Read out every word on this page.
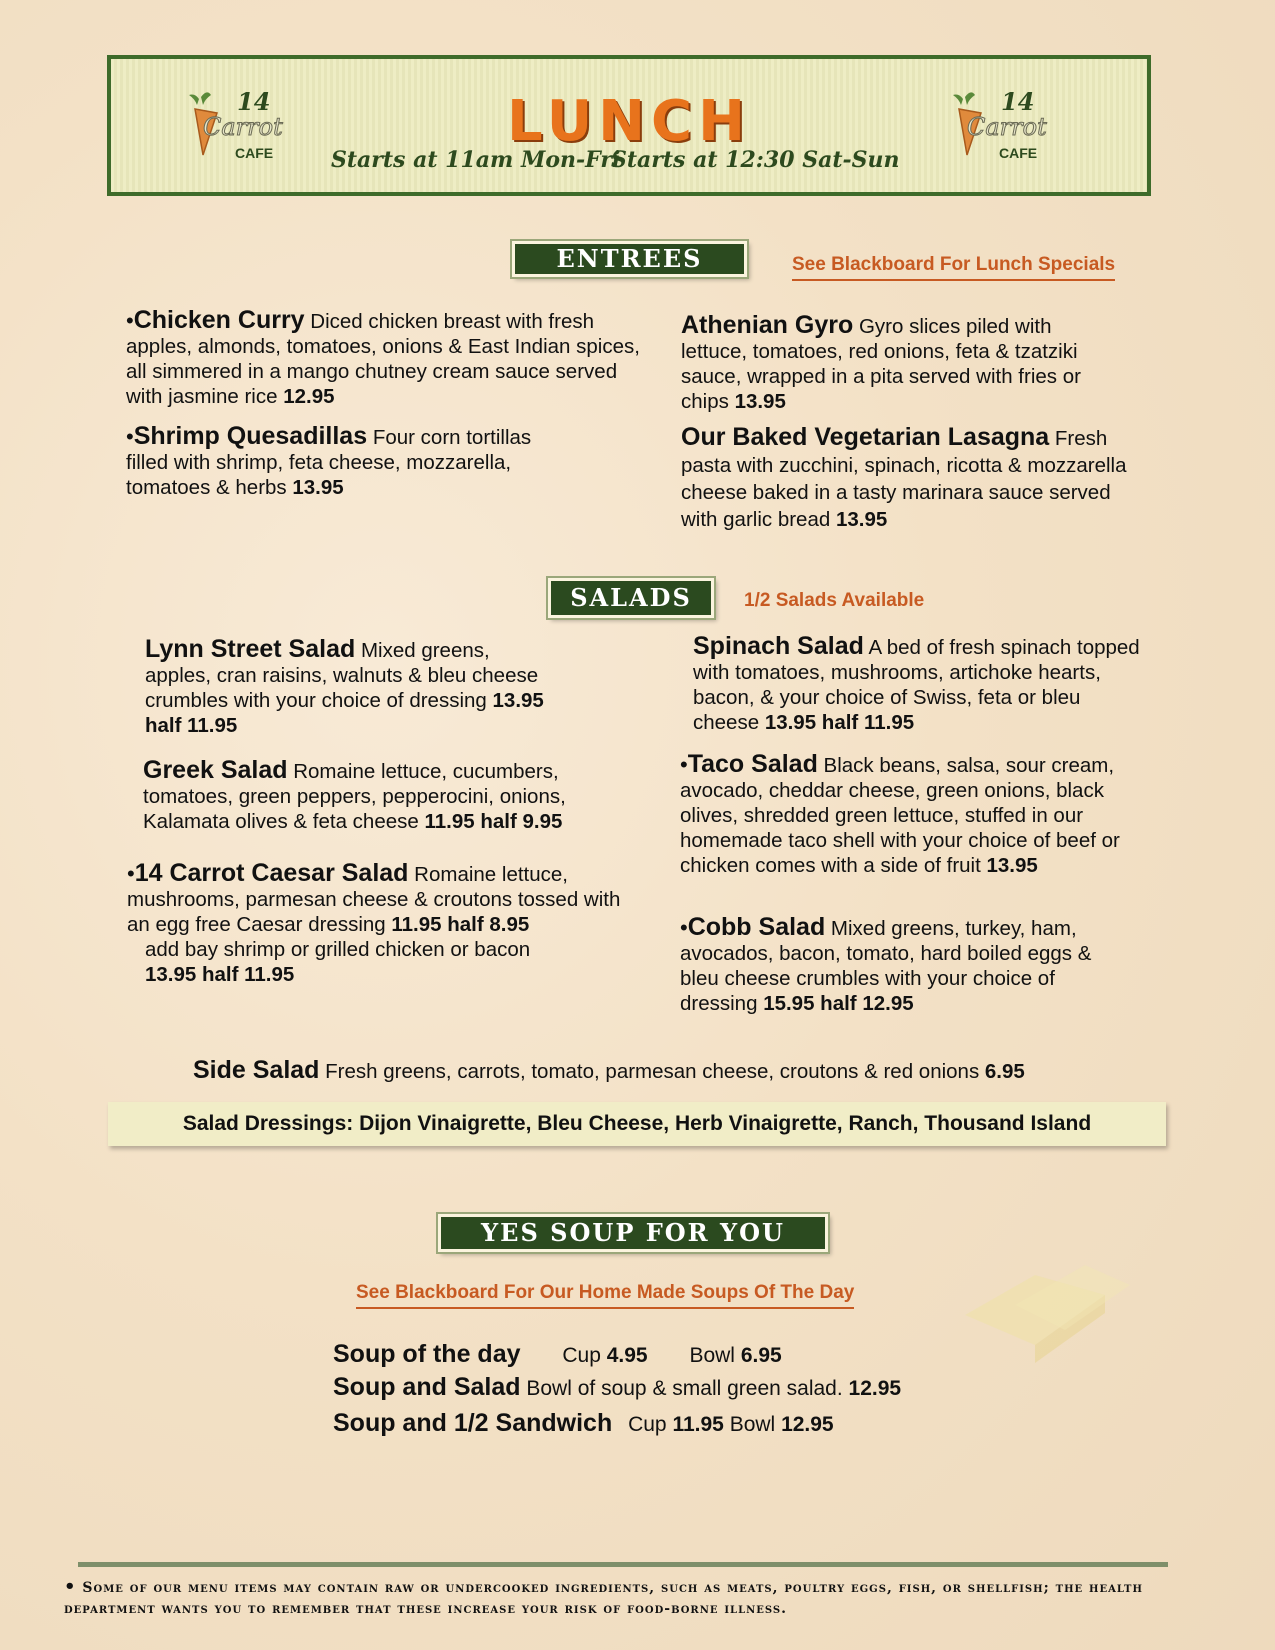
14
Carrot
CAFE	LUNCH
Starts at 11am Mon-Fri
Starts at 12:30 Sat-Sun
14
Carrot
CAFE
ENTREES	See Blackboard For Lunch Specials
•Chicken Curry Diced chicken breast with fresh apples, almonds, tomatoes, onions & East Indian spices, all simmered in a mango chutney cream sauce served with jasmine rice 12.95
•Shrimp Quesadillas Four corn tortillas filled with shrimp, feta cheese, mozzarella, tomatoes & herbs 13.95
Athenian Gyro Gyro slices piled with lettuce, tomatoes, red onions, feta & tzatziki sauce, wrapped in a pita served with fries or chips 13.95
Our Baked Vegetarian Lasagna Fresh pasta with zucchini, spinach, ricotta & mozzarella cheese baked in a tasty marinara sauce served with garlic bread 13.95
SALADS	1/2 Salads Available
Lynn Street Salad Mixed greens, apples, cran raisins, walnuts & bleu cheese crumbles with your choice of dressing 13.95 half 11.95
Greek Salad Romaine lettuce, cucumbers, tomatoes, green peppers, pepperocini, onions, Kalamata olives & feta cheese 11.95 half 9.95
•14 Carrot Caesar Salad Romaine lettuce, mushrooms, parmesan cheese & croutons tossed with an egg free Caesar dressing 11.95 half 8.95
add bay shrimp or grilled chicken or bacon
13.95 half 11.95
Spinach Salad A bed of fresh spinach topped with tomatoes, mushrooms, artichoke hearts, bacon, & your choice of Swiss, feta or bleu cheese 13.95 half 11.95
•Taco Salad Black beans, salsa, sour cream, avocado, cheddar cheese, green onions, black olives, shredded green lettuce, stuffed in our homemade taco shell with your choice of beef or chicken comes with a side of fruit 13.95
•Cobb Salad Mixed greens, turkey, ham, avocados, bacon, tomato, hard boiled eggs & bleu cheese crumbles with your choice of dressing 15.95 half 12.95
Side Salad Fresh greens, carrots, tomato, parmesan cheese, croutons & red onions 6.95
Salad Dressings: Dijon Vinaigrette, Bleu Cheese, Herb Vinaigrette, Ranch, Thousand Island
YES SOUP FOR YOU
See Blackboard For Our Home Made Soups Of The Day
Soup of the day Cup 4.95 Bowl 6.95
Soup and Salad Bowl of soup & small green salad. 12.95
Soup and 1/2 Sandwich Cup 11.95 Bowl 12.95
• Some of our menu items may contain raw or undercooked ingredients, such as meats, poultry eggs, fish, or shellfish; the health department wants you to remember that these increase your risk of food-borne illness.
